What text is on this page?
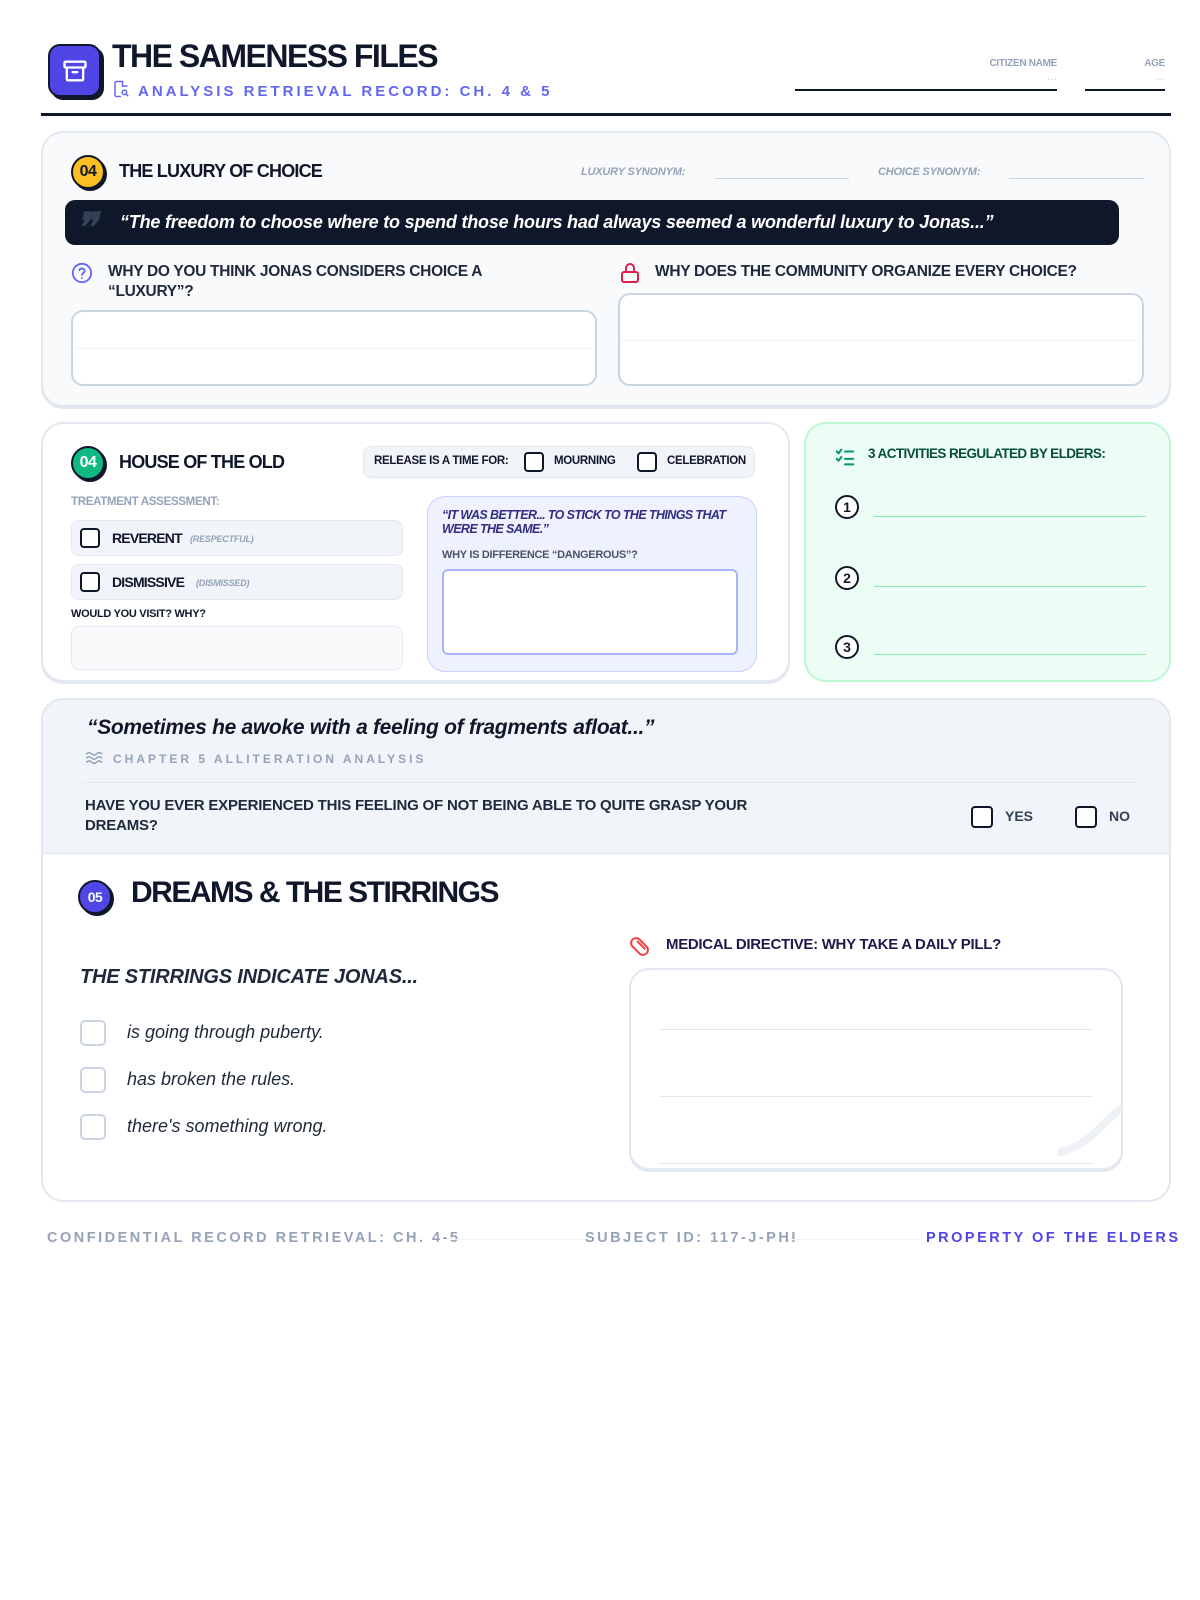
THE SAMENESS FILES
ANALYSIS RETRIEVAL RECORD: CH. 4 & 5
CITIZEN NAME
...
AGE
...
04	THE LUXURY OF CHOICE	LUXURY SYNONYM:	CHOICE SYNONYM:
❞ “The freedom to choose where to spend those hours had always seemed a wonderful luxury to Jonas...”
WHY DO YOU THINK JONAS CONSIDERS CHOICE A “LUXURY”?
WHY DOES THE COMMUNITY ORGANIZE EVERY CHOICE?
04	HOUSE OF THE OLD	RELEASE IS A TIME FOR:	MOURNING	CELEBRATION
TREATMENT ASSESSMENT:
REVERENT (RESPECTFUL)
DISMISSIVE (DISMISSED)
WOULD YOU VISIT? WHY?
“IT WAS BETTER... TO STICK TO THE THINGS THAT WERE THE SAME.”
WHY IS DIFFERENCE “DANGEROUS”?
3 ACTIVITIES REGULATED BY ELDERS:
1
2
3
“Sometimes he awoke with a feeling of fragments afloat...”
CHAPTER 5 ALLITERATION ANALYSIS
HAVE YOU EVER EXPERIENCED THIS FEELING OF NOT BEING ABLE TO QUITE GRASP YOUR DREAMS?
YES	NO
05 DREAMS & THE STIRRINGS
THE STIRRINGS INDICATE JONAS...
is going through puberty.
has broken the rules.
there's something wrong.
MEDICAL DIRECTIVE: WHY TAKE A DAILY PILL?
CONFIDENTIAL RECORD RETRIEVAL: CH. 4-5	SUBJECT ID: 117-J-PHI	PROPERTY OF THE ELDERS
